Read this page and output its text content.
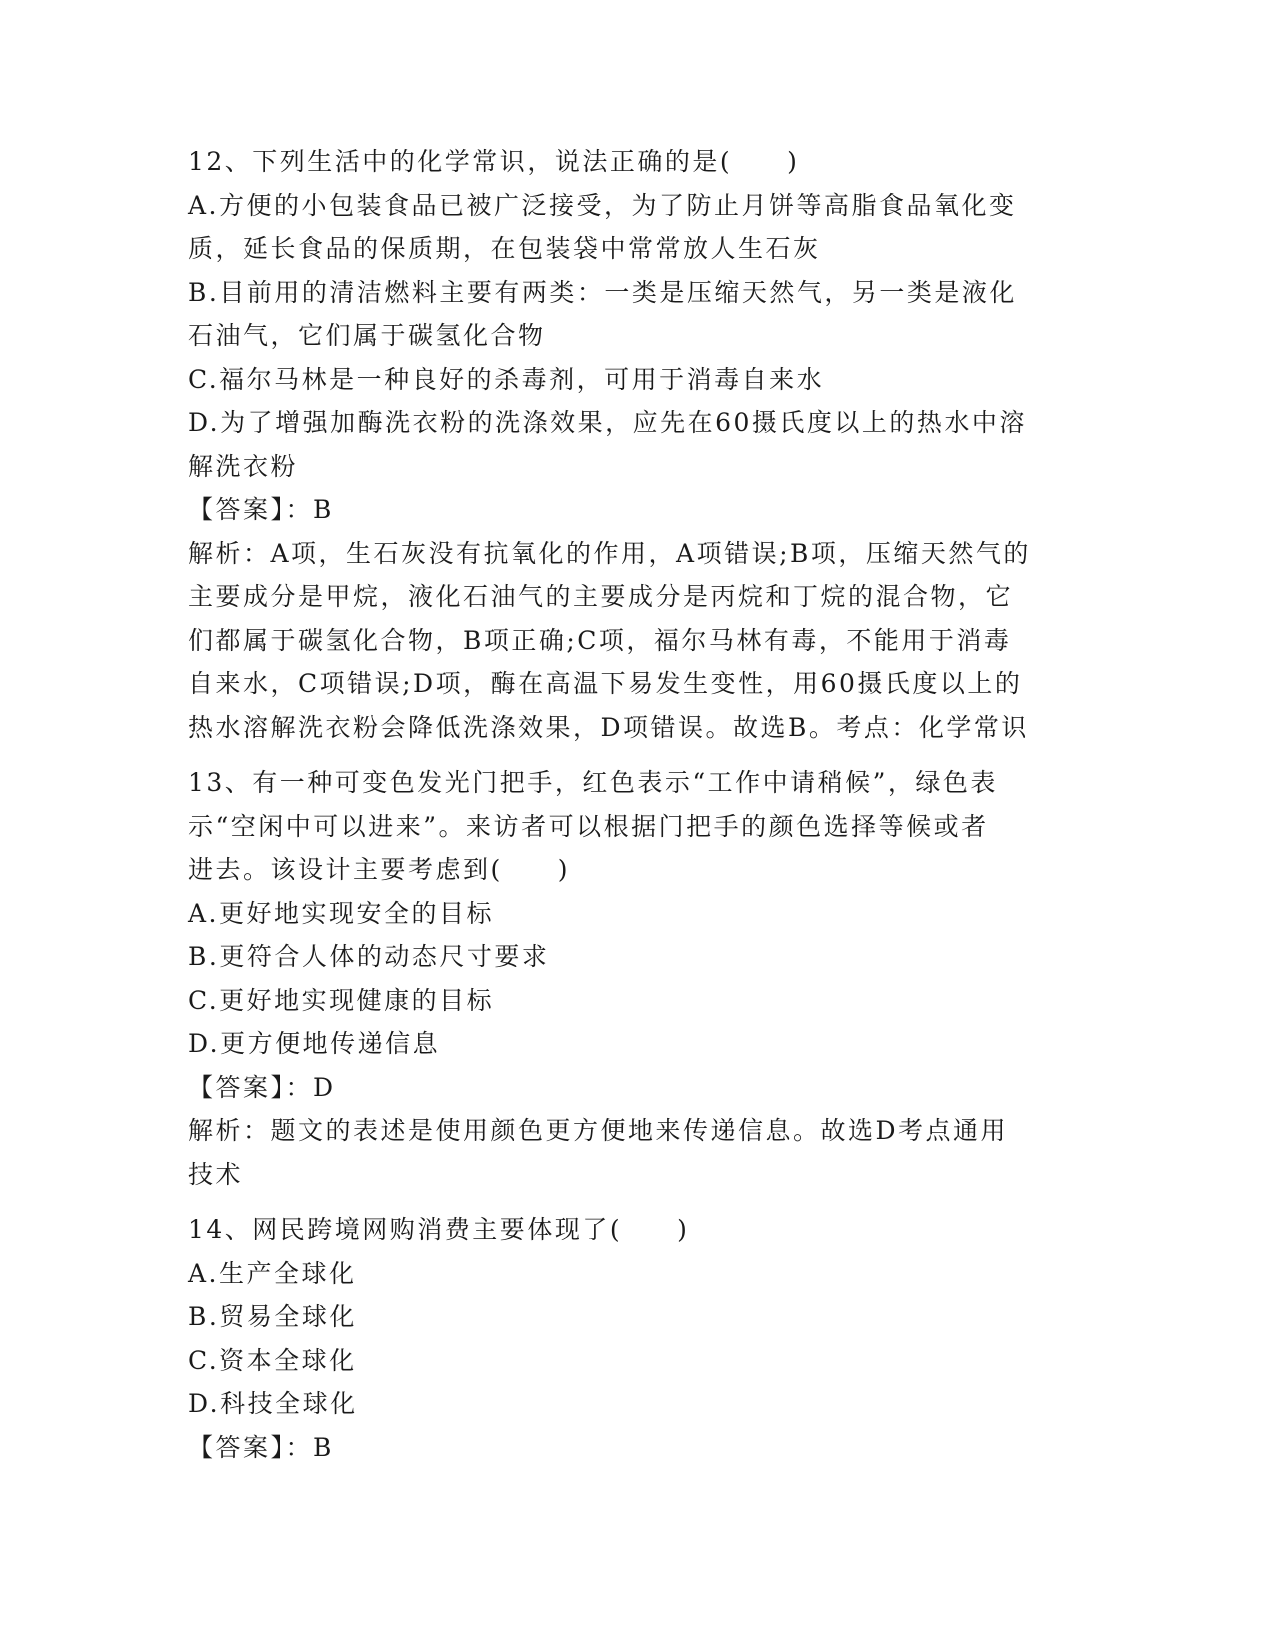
12、下列生活中的化学常识，说法正确的是(　　)
A.方便的小包装食品已被广泛接受，为了防止月饼等高脂食品氧化变
质，延长食品的保质期，在包装袋中常常放人生石灰
B.目前用的清洁燃料主要有两类：一类是压缩天然气，另一类是液化
石油气，它们属于碳氢化合物
C.福尔马林是一种良好的杀毒剂，可用于消毒自来水
D.为了增强加酶洗衣粉的洗涤效果，应先在60摄氏度以上的热水中溶
解洗衣粉
【答案】：B
解析：A项，生石灰没有抗氧化的作用，A项错误;B项，压缩天然气的
主要成分是甲烷，液化石油气的主要成分是丙烷和丁烷的混合物，它
们都属于碳氢化合物，B项正确;C项，福尔马林有毒，不能用于消毒
自来水，C项错误;D项，酶在高温下易发生变性，用60摄氏度以上的
热水溶解洗衣粉会降低洗涤效果，D项错误。故选B。考点：化学常识
13、有一种可变色发光门把手，红色表示“工作中请稍候”，绿色表
示“空闲中可以进来”。来访者可以根据门把手的颜色选择等候或者
进去。该设计主要考虑到(　　)
A.更好地实现安全的目标
B.更符合人体的动态尺寸要求
C.更好地实现健康的目标
D.更方便地传递信息
【答案】：D
解析：题文的表述是使用颜色更方便地来传递信息。故选D考点通用
技术
14、网民跨境网购消费主要体现了(　　)
A.生产全球化
B.贸易全球化
C.资本全球化
D.科技全球化
【答案】：B
